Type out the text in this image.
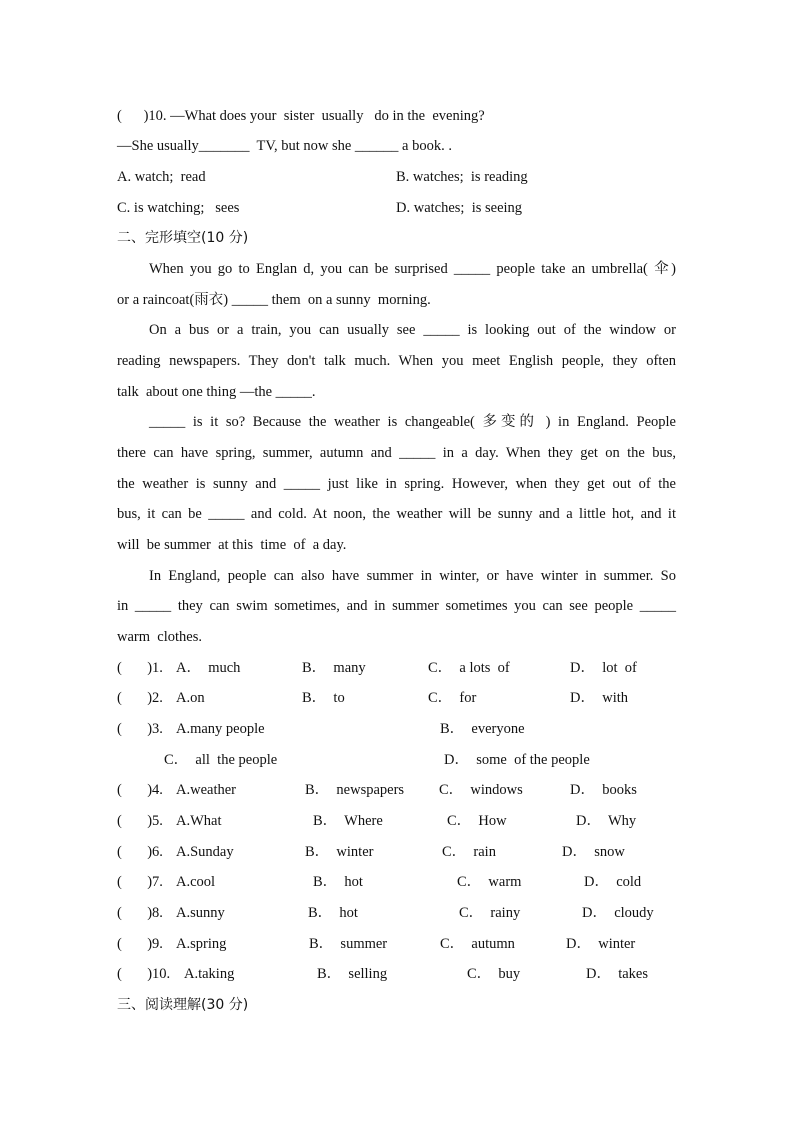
(      )10. —What does your  sister  usually   do in the  evening?
—She usually_______  TV, but now she ______ a book. .
A. watch;  read	B. watches;  is reading
C. is watching;   sees	D. watches;  is seeing
二、完形填空(10 分)
When you go to Englan d, you can be surprised _____ people take an umbrella( 伞)
or a raincoat(雨衣) _____ them  on a sunny  morning.
On a bus or a train, you can usually see _____ is looking out of the window or
reading newspapers. They don't talk much. When you meet English people, they often
talk  about one thing —the _____.
_____ is it so? Because the weather is changeable( 多变的 ) in England. People
there can have spring, summer, autumn and _____ in a day. When they get on the bus,
the weather is sunny and _____ just like in spring. However, when they get out of the
bus, it can be _____ and cold. At noon, the weather will be sunny and a little hot, and it
will  be summer  at this  time  of  a day.
In England, people can also have summer in winter, or have winter in summer. So
in _____ they can swim sometimes, and in summer sometimes you can see people _____
warm  clothes.
(       )1. A．  much	B．  many	C．  a lots  of	D．  lot  of
(       )2. A.on	B．  to	C．  for	D．  with
(       )3. A.many people	B．  everyone
C．  all  the people	D．  some  of the people
(       )4. A.weather	B．  newspapers C．  windows	D．  books
(       )5. A.What	B．  Where	C．  How	D．  Why
(       )6. A.Sunday	B．  winter	C．  rain	D．  snow
(       )7. A.cool	B．  hot	C．  warm	D．  cold
(       )8. A.sunny	B．  hot	C．  rainy	D．  cloudy
(       )9. A.spring	B．  summer	C．  autumn	D．  winter
(       )10. A.taking	B．  selling	C．  buy	D．  takes
三、阅读理解(30 分)
